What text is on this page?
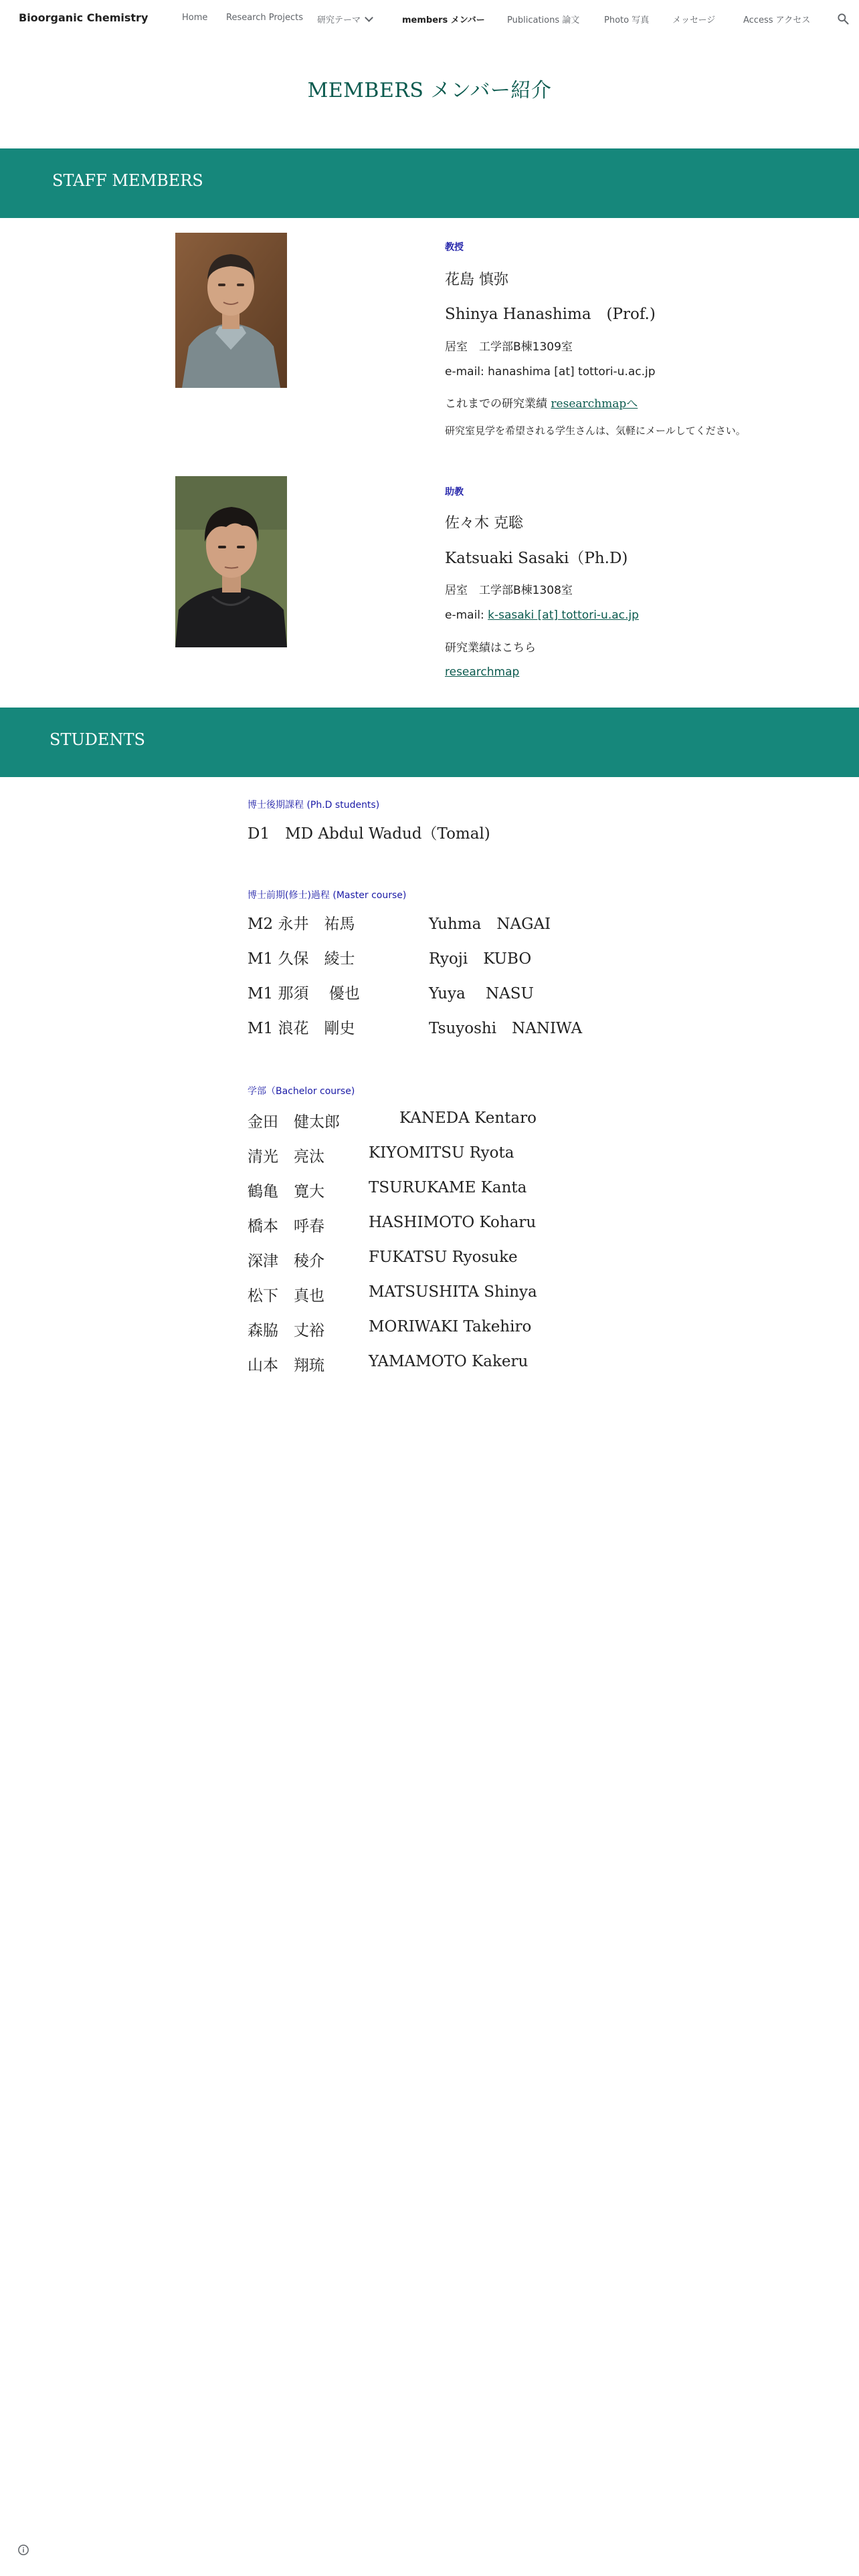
Bioorganic Chemistry	Home Research Projects 研究テーマ	members メンバー	Publications 論文	Photo 写真	メッセージ	Access アクセス
MEMBERS メンバー紹介
STAFF MEMBERS
教授
花島 慎弥
Shinya Hanashima　(Prof.)
居室　工学部B棟1309室
e-mail: hanashima [at] tottori-u.ac.jp
これまでの研究業績 researchmapへ
研究室見学を希望される学生さんは、気軽にメールしてください。
助教
佐々木 克聡
Katsuaki Sasaki（Ph.D)
居室　工学部B棟1308室
e-mail: k-sasaki [at] tottori-u.ac.jp
研究業績はこちら
researchmap
STUDENTS
博士後期課程 (Ph.D students)
D1　MD Abdul Wadud（Tomal)
博士前期(修士)過程 (Master course)
M2 永井　祐馬	Yuhma　NAGAI
M1 久保　綾士	Ryoji　KUBO
M1 那須　 優也	Yuya　 NASU
M1 浪花　剛史	Tsuyoshi　NANIWA
学部（Bachelor course)
金田　健太郎	KANEDA Kentaro
清光　亮汰	KIYOMITSU Ryota
鶴亀　寛大	TSURUKAME Kanta
橋本　呼春	HASHIMOTO Koharu
深津　稜介	FUKATSU Ryosuke
松下　真也	MATSUSHITA Shinya
森脇　丈裕	MORIWAKI Takehiro
山本　翔琉	YAMAMOTO Kakeru
